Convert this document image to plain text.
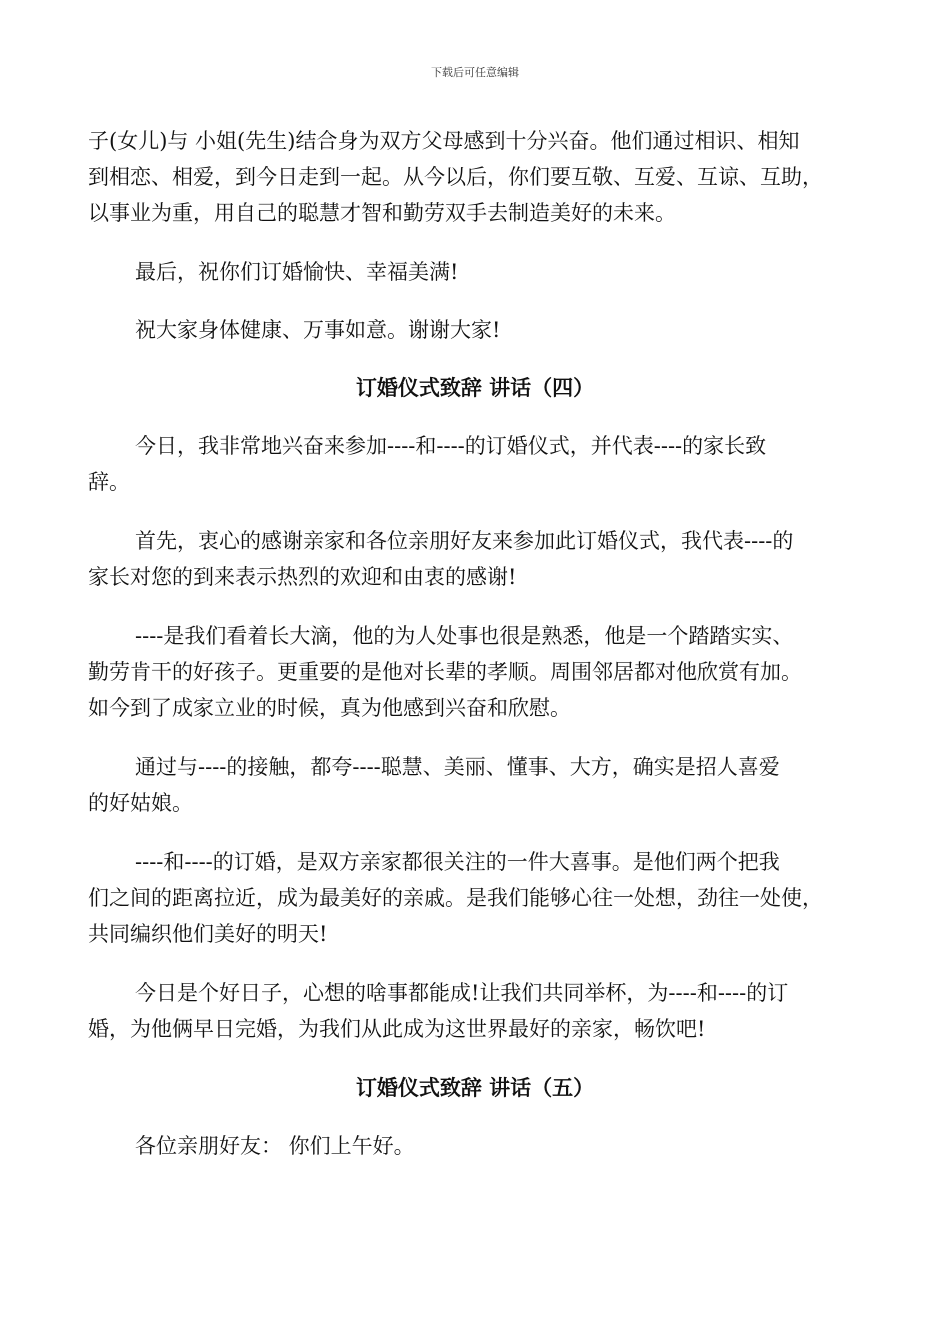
下载后可任意编辑
子(女儿)与 小姐(先生)结合身为双方父母感到十分兴奋。他们通过相识、相知
到相恋、相爱，到今日走到一起。从今以后，你们要互敬、互爱、互谅、互助，
以事业为重，用自己的聪慧才智和勤劳双手去制造美好的未来。
最后，祝你们订婚愉快、幸福美满!
祝大家身体健康、万事如意。谢谢大家!
订婚仪式致辞 讲话（四）
今日，我非常地兴奋来参加----和----的订婚仪式，并代表----的家长致
辞。
首先，衷心的感谢亲家和各位亲朋好友来参加此订婚仪式，我代表----的
家长对您的到来表示热烈的欢迎和由衷的感谢!
----是我们看着长大滴，他的为人处事也很是熟悉，他是一个踏踏实实、
勤劳肯干的好孩子。更重要的是他对长辈的孝顺。周围邻居都对他欣赏有加。
如今到了成家立业的时候，真为他感到兴奋和欣慰。
通过与----的接触，都夸----聪慧、美丽、懂事、大方，确实是招人喜爱
的好姑娘。
----和----的订婚，是双方亲家都很关注的一件大喜事。是他们两个把我
们之间的距离拉近，成为最美好的亲戚。是我们能够心往一处想，劲往一处使，
共同编织他们美好的明天!
今日是个好日子，心想的啥事都能成!让我们共同举杯，为----和----的订
婚，为他俩早日完婚，为我们从此成为这世界最好的亲家，畅饮吧!
订婚仪式致辞 讲话（五）
各位亲朋好友： 你们上午好。
